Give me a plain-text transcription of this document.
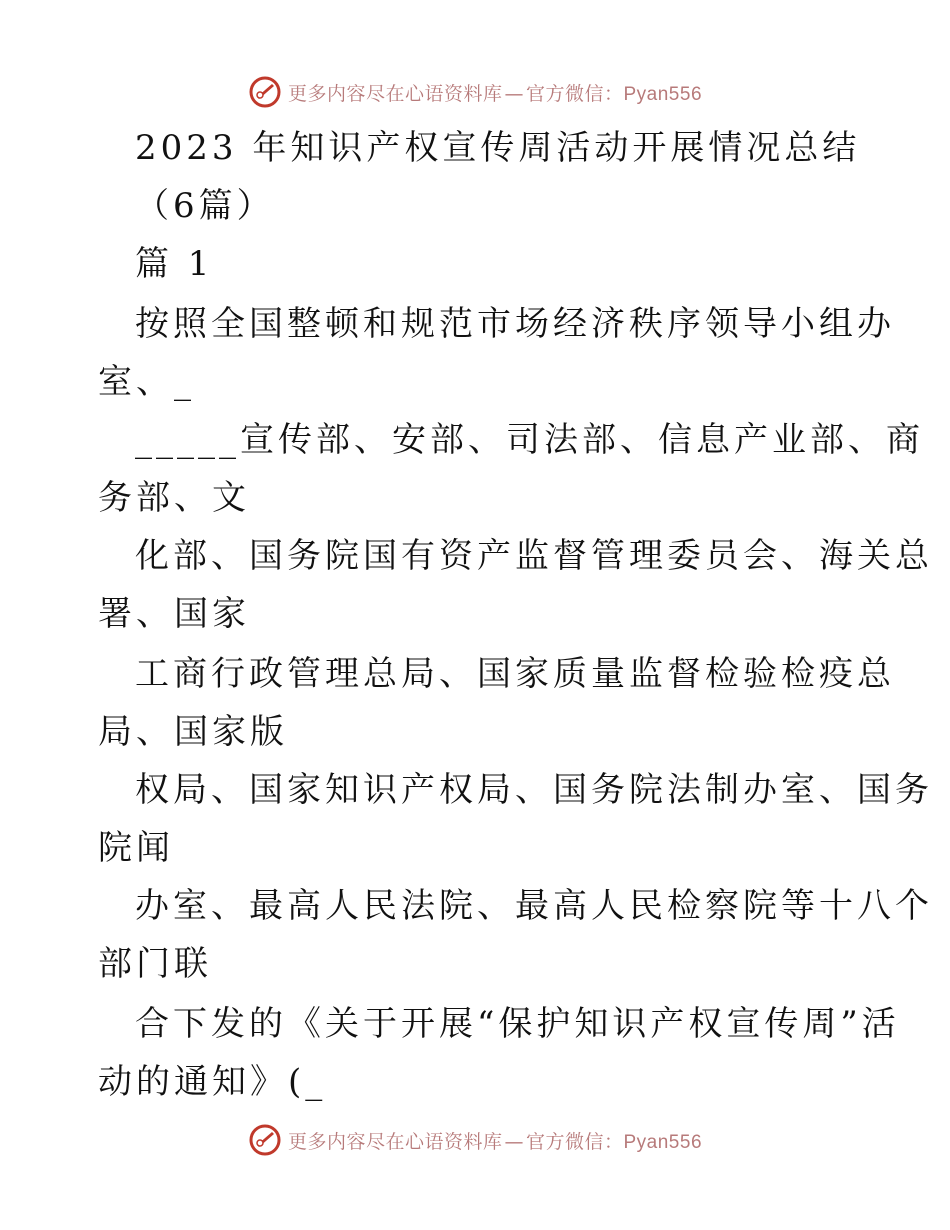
更多内容尽在心语资料库 — 官方微信：Pyan556
2023 年知识产权宣传周活动开展情况总结
（6篇）
篇 1
按照全国整顿和规范市场经济秩序领导小组办
室、_
_____宣传部、安部、司法部、信息产业部、商
务部、文
化部、国务院国有资产监督管理委员会、海关总
署、国家
工商行政管理总局、国家质量监督检验检疫总
局、国家版
权局、国家知识产权局、国务院法制办室、国务
院闻
办室、最高人民法院、最高人民检察院等十八个
部门联
合下发的《关于开展“保护知识产权宣传周”活
动的通知》(_
更多内容尽在心语资料库 — 官方微信：Pyan556
